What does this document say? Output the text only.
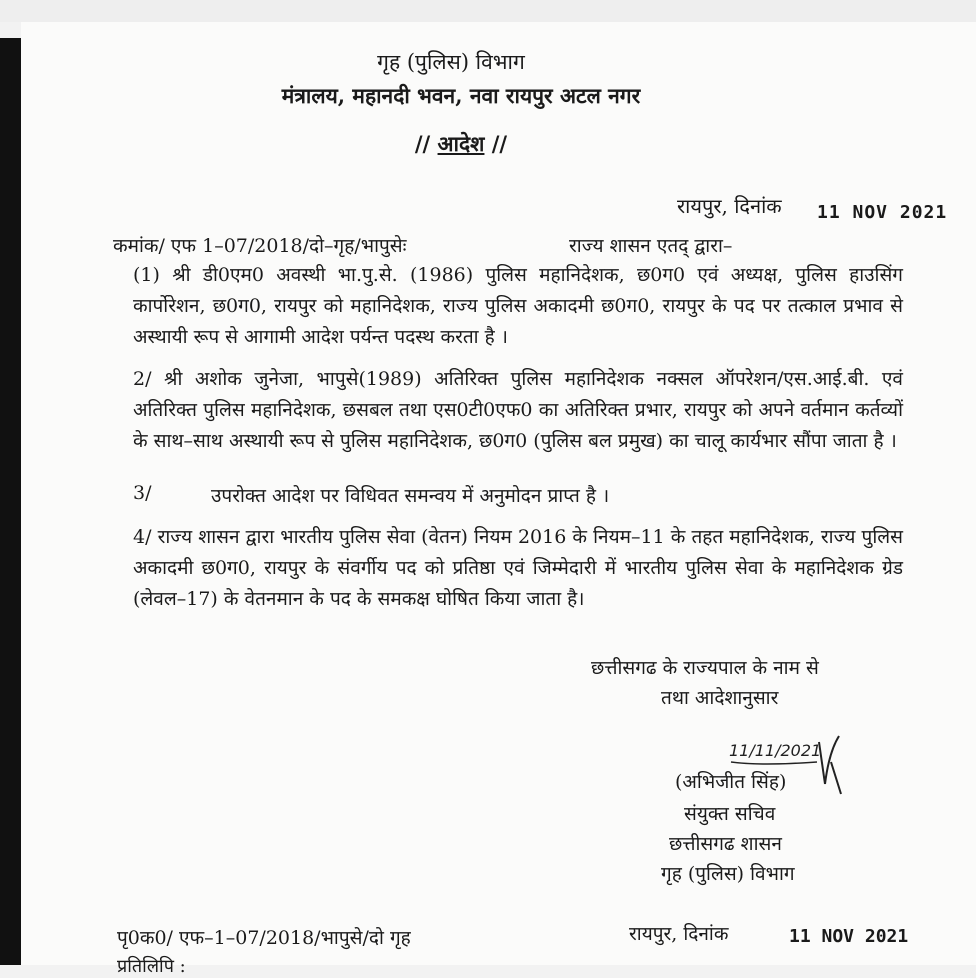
गृह (पुलिस) विभाग
मंत्रालय, महानदी भवन, नवा रायपुर अटल नगर
// आदेश //
रायपुर, दिनांक 11 NOV 2021
कमांक/ एफ 1–07/2018/दो–गृह/भापुसेः	राज्य शासन एतद् द्वारा–
(1) श्री डी0एम0 अवस्थी भा.पु.से. (1986) पुलिस महानिदेशक, छ0ग0 एवं अध्यक्ष, पुलिस हाउसिंग कार्पोरेशन, छ0ग0, रायपुर को महानिदेशक, राज्य पुलिस अकादमी छ0ग0, रायपुर के पद पर तत्काल प्रभाव से अस्थायी रूप से आगामी आदेश पर्यन्त पदस्थ करता है ।
2/ श्री अशोक जुनेजा, भापुसे(1989) अतिरिक्त पुलिस महानिदेशक नक्सल ऑपरेशन/एस.आई.बी. एवं अतिरिक्त पुलिस महानिदेशक, छसबल तथा एस0टी0एफ0 का अतिरिक्त प्रभार, रायपुर को अपने वर्तमान कर्तव्यों के साथ–साथ अस्थायी रूप से पुलिस महानिदेशक, छ0ग0 (पुलिस बल प्रमुख) का चालू कार्यभार सौंपा जाता है ।
3/	उपरोक्त आदेश पर विधिवत समन्वय में अनुमोदन प्राप्त है ।
4/ राज्य शासन द्वारा भारतीय पुलिस सेवा (वेतन) नियम 2016 के नियम–11 के तहत महानिदेशक, राज्य पुलिस अकादमी छ0ग0, रायपुर के संवर्गीय पद को प्रतिष्ठा एवं जिम्मेदारी में भारतीय पुलिस सेवा के महानिदेशक ग्रेड (लेवल–17) के वेतनमान के पद के समकक्ष घोषित किया जाता है।
छत्तीसगढ के राज्यपाल के नाम से
तथा आदेशानुसार
11/11/2021
(अभिजीत सिंह)
संयुक्त सचिव
छत्तीसगढ शासन
गृह (पुलिस) विभाग
पृ0क0/ एफ–1–07/2018/भापुसे/दो गृह	रायपुर, दिनांक	11 NOV 2021
प्रतिलिपि :
